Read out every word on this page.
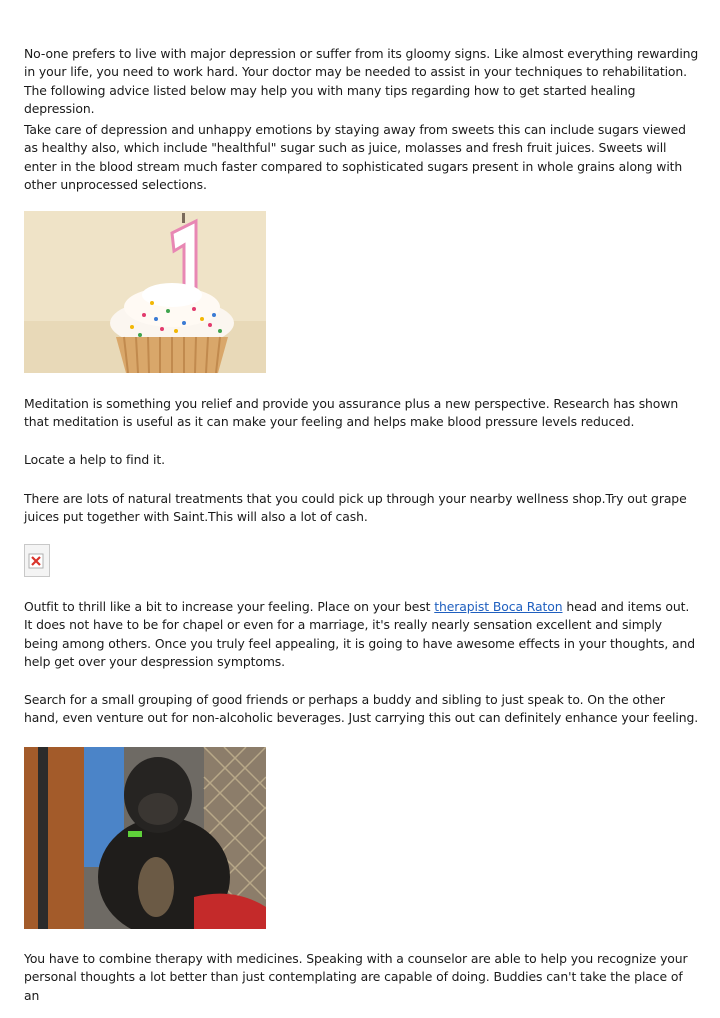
No-one prefers to live with major depression or suffer from its gloomy signs. Like almost everything rewarding in your life, you need to work hard. Your doctor may be needed to assist in your techniques to rehabilitation. The following advice listed below may help you with many tips regarding how to get started healing depression.

Take care of depression and unhappy emotions by staying away from sweets this can include sugars viewed as healthy also, which include "healthful" sugar such as juice, molasses and fresh fruit juices. Sweets will enter in the blood stream much faster compared to sophisticated sugars present in whole grains along with other unprocessed selections.

Meditation is something you relief and provide you assurance plus a new perspective. Research has shown that meditation is useful as it can make your feeling and helps make blood pressure levels reduced.

Locate a help to find it.

There are lots of natural treatments that you could pick up through your nearby wellness shop.Try out grape juices put together with Saint.This will also a lot of cash.

Outfit to thrill like a bit to increase your feeling. Place on your best therapist Boca Raton head and items out. It does not have to be for chapel or even for a marriage, it's really nearly sensation excellent and simply being among others. Once you truly feel appealing, it is going to have awesome effects in your thoughts, and help get over your despression symptoms.

Search for a small grouping of good friends or perhaps a buddy and sibling to just speak to. On the other hand, even venture out for non-alcoholic beverages. Just carrying this out can definitely enhance your feeling.

You have to combine therapy with medicines. Speaking with a counselor are able to help you recognize your personal thoughts a lot better than just contemplating are capable of doing. Buddies can't take the place of an
